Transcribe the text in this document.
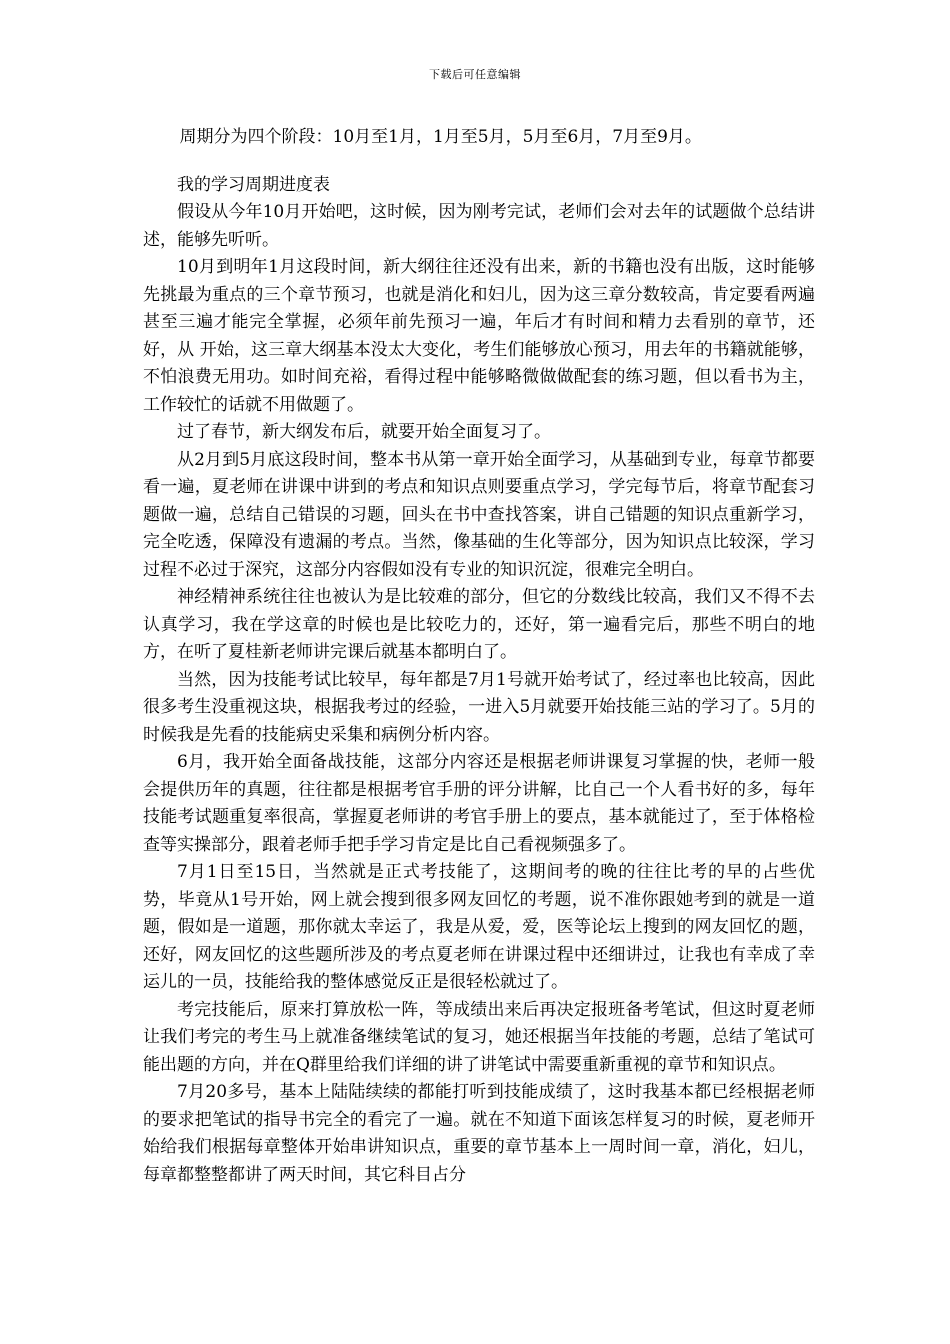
下载后可任意编辑

周期分为四个阶段：10月至1月，1月至5月，5月至6月，7月至9月。

我的学习周期进度表

假设从今年10月开始吧，这时候，因为刚考完试，老师们会对去年的试题做个总结讲述，能够先听听。

10月到明年1月这段时间，新大纲往往还没有出来，新的书籍也没有出版，这时能够先挑最为重点的三个章节预习，也就是消化和妇儿，因为这三章分数较高，肯定要看两遍甚至三遍才能完全掌握，必须年前先预习一遍，年后才有时间和精力去看别的章节，还好，从 开始，这三章大纲基本没太大变化，考生们能够放心预习，用去年的书籍就能够，不怕浪费无用功。如时间充裕，看得过程中能够略微做做配套的练习题，但以看书为主，工作较忙的话就不用做题了。

过了春节，新大纲发布后，就要开始全面复习了。

从2月到5月底这段时间，整本书从第一章开始全面学习，从基础到专业，每章节都要看一遍，夏老师在讲课中讲到的考点和知识点则要重点学习，学完每节后，将章节配套习题做一遍，总结自己错误的习题，回头在书中查找答案，讲自己错题的知识点重新学习，完全吃透，保障没有遗漏的考点。当然，像基础的生化等部分，因为知识点比较深，学习过程不必过于深究，这部分内容假如没有专业的知识沉淀，很难完全明白。

神经精神系统往往也被认为是比较难的部分，但它的分数线比较高，我们又不得不去认真学习，我在学这章的时候也是比较吃力的，还好，第一遍看完后，那些不明白的地方，在听了夏桂新老师讲完课后就基本都明白了。

当然，因为技能考试比较早，每年都是7月1号就开始考试了，经过率也比较高，因此很多考生没重视这块，根据我考过的经验，一进入5月就要开始技能三站的学习了。5月的时候我是先看的技能病史采集和病例分析内容。

6月，我开始全面备战技能，这部分内容还是根据老师讲课复习掌握的快，老师一般会提供历年的真题，往往都是根据考官手册的评分讲解，比自己一个人看书好的多，每年技能考试题重复率很高，掌握夏老师讲的考官手册上的要点，基本就能过了，至于体格检查等实操部分，跟着老师手把手学习肯定是比自己看视频强多了。

7月1日至15日，当然就是正式考技能了，这期间考的晚的往往比考的早的占些优势，毕竟从1号开始，网上就会搜到很多网友回忆的考题，说不准你跟她考到的就是一道题，假如是一道题，那你就太幸运了，我是从爱，爱，医等论坛上搜到的网友回忆的题，还好，网友回忆的这些题所涉及的考点夏老师在讲课过程中还细讲过，让我也有幸成了幸运儿的一员，技能给我的整体感觉反正是很轻松就过了。

考完技能后，原来打算放松一阵，等成绩出来后再决定报班备考笔试，但这时夏老师让我们考完的考生马上就准备继续笔试的复习，她还根据当年技能的考题，总结了笔试可能出题的方向，并在Q群里给我们详细的讲了讲笔试中需要重新重视的章节和知识点。

7月20多号，基本上陆陆续续的都能打听到技能成绩了，这时我基本都已经根据老师的要求把笔试的指导书完全的看完了一遍。就在不知道下面该怎样复习的时候，夏老师开始给我们根据每章整体开始串讲知识点，重要的章节基本上一周时间一章，消化，妇儿，每章都整整都讲了两天时间，其它科目占分
